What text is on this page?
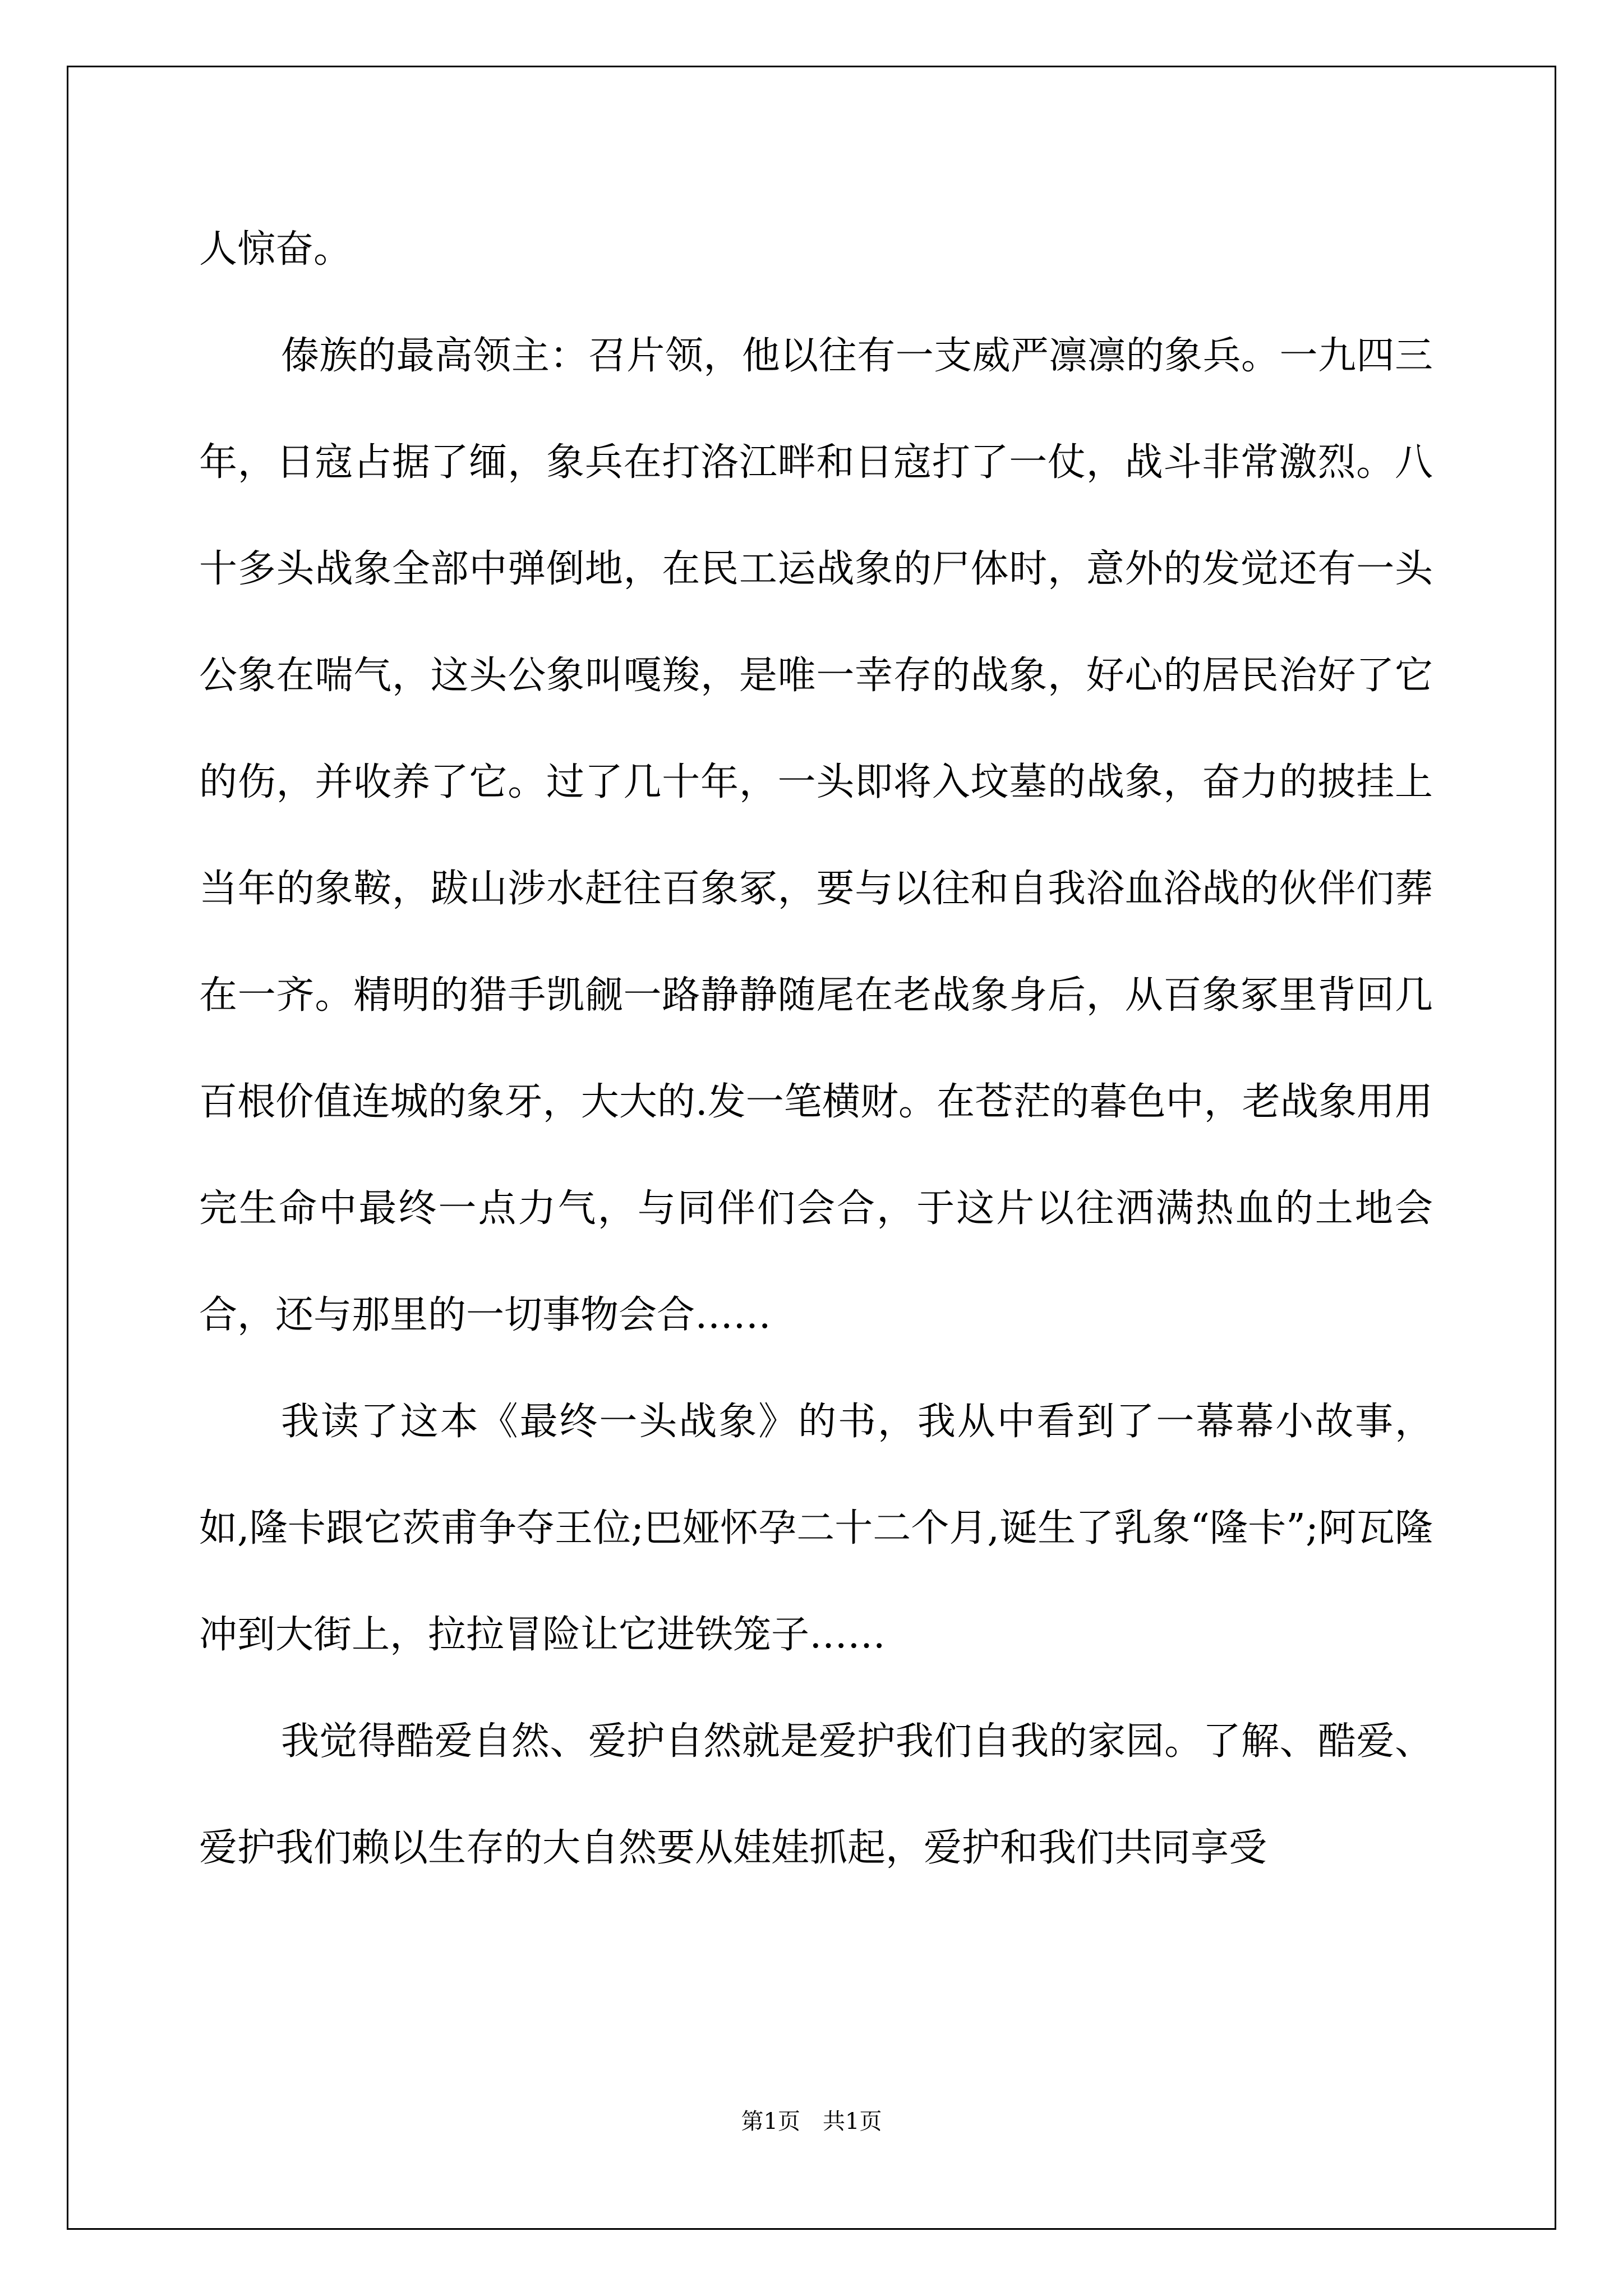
人惊奋。

傣族的最高领主：召片领，他以往有一支威严凛凛的象兵。一九四三年，日寇占据了缅，象兵在打洛江畔和日寇打了一仗，战斗非常激烈。八十多头战象全部中弹倒地，在民工运战象的尸体时，意外的发觉还有一头公象在喘气，这头公象叫嘎羧，是唯一幸存的战象，好心的居民治好了它的伤，并收养了它。过了几十年，一头即将入坟墓的战象，奋力的披挂上当年的象鞍，跋山涉水赶往百象冢，要与以往和自我浴血浴战的伙伴们葬在一齐。精明的猎手凯觎一路静静随尾在老战象身后，从百象冢里背回几百根价值连城的象牙，大大的.发一笔横财。在苍茫的暮色中，老战象用用完生命中最终一点力气，与同伴们会合，于这片以往洒满热血的土地会合，还与那里的一切事物会合……

我读了这本《最终一头战象》的书，我从中看到了一幕幕小故事，如,隆卡跟它茨甫争夺王位;巴娅怀孕二十二个月,诞生了乳象“隆卡”;阿瓦隆冲到大街上，拉拉冒险让它进铁笼子……

我觉得酷爱自然、爱护自然就是爱护我们自我的家园。了解、酷爱、爱护我们赖以生存的大自然要从娃娃抓起，爱护和我们共同享受

第1页　共1页
